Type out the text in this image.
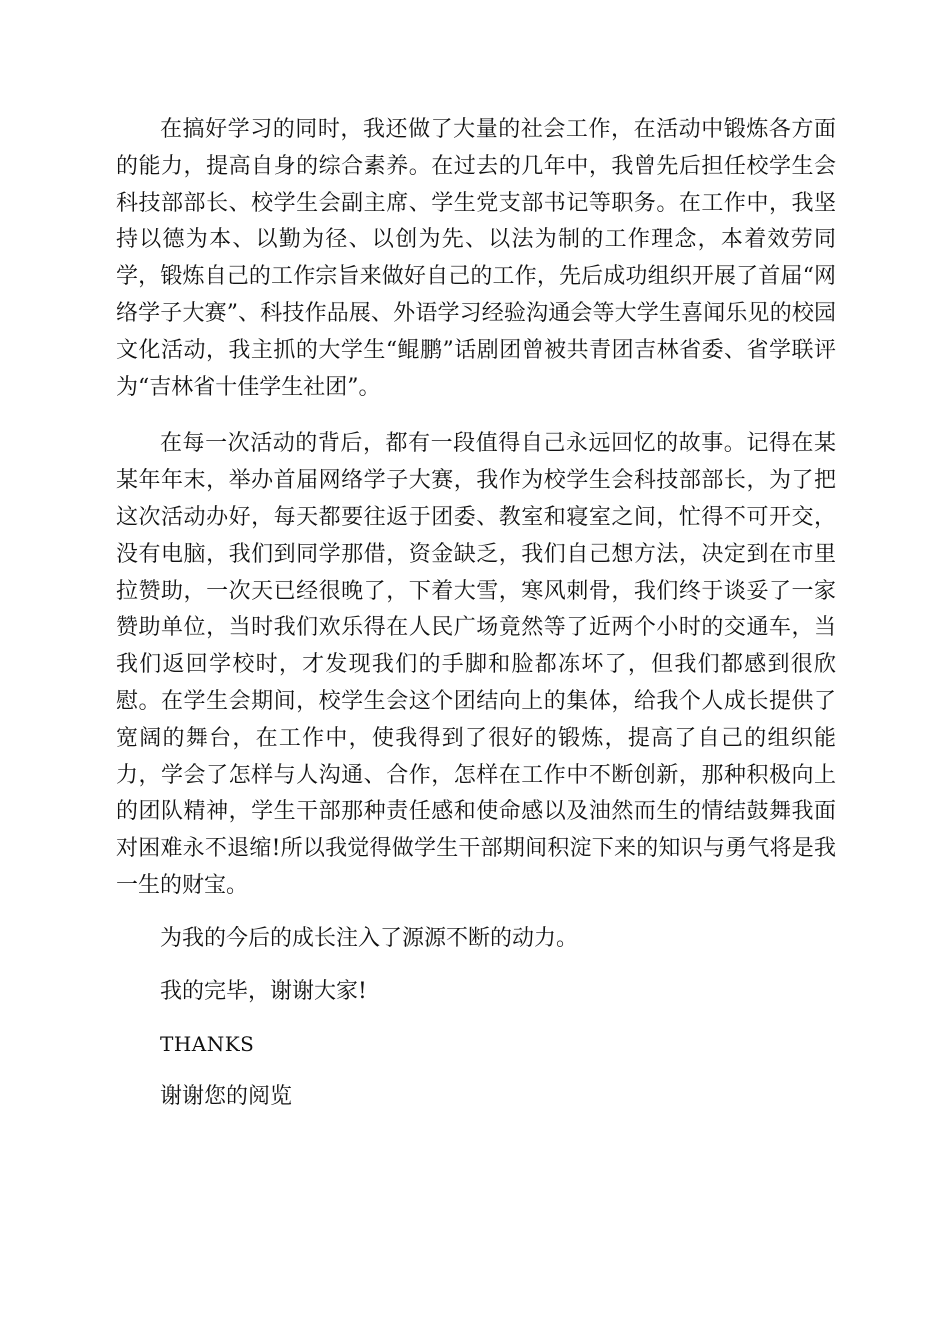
在搞好学习的同时，我还做了大量的社会工作，在活动中锻炼各方面的能力，提高自身的综合素养。在过去的几年中，我曾先后担任校学生会科技部部长、校学生会副主席、学生党支部书记等职务。在工作中，我坚持以德为本、以勤为径、以创为先、以法为制的工作理念，本着效劳同学，锻炼自己的工作宗旨来做好自己的工作，先后成功组织开展了首届“网络学子大赛”、科技作品展、外语学习经验沟通会等大学生喜闻乐见的校园文化活动，我主抓的大学生“鲲鹏”话剧团曾被共青团吉林省委、省学联评为“吉林省十佳学生社团”。

在每一次活动的背后，都有一段值得自己永远回忆的故事。记得在某某年年末，举办首届网络学子大赛，我作为校学生会科技部部长，为了把这次活动办好，每天都要往返于团委、教室和寝室之间，忙得不可开交，没有电脑，我们到同学那借，资金缺乏，我们自己想方法，决定到在市里拉赞助，一次天已经很晚了，下着大雪，寒风刺骨，我们终于谈妥了一家赞助单位，当时我们欢乐得在人民广场竟然等了近两个小时的交通车，当我们返回学校时，才发现我们的手脚和脸都冻坏了，但我们都感到很欣慰。在学生会期间，校学生会这个团结向上的集体，给我个人成长提供了宽阔的舞台，在工作中，使我得到了很好的锻炼，提高了自己的组织能力，学会了怎样与人沟通、合作，怎样在工作中不断创新，那种积极向上的团队精神，学生干部那种责任感和使命感以及油然而生的情结鼓舞我面对困难永不退缩!所以我觉得做学生干部期间积淀下来的知识与勇气将是我一生的财宝。

为我的今后的成长注入了源源不断的动力。

我的完毕，谢谢大家!

THANKS

谢谢您的阅览
